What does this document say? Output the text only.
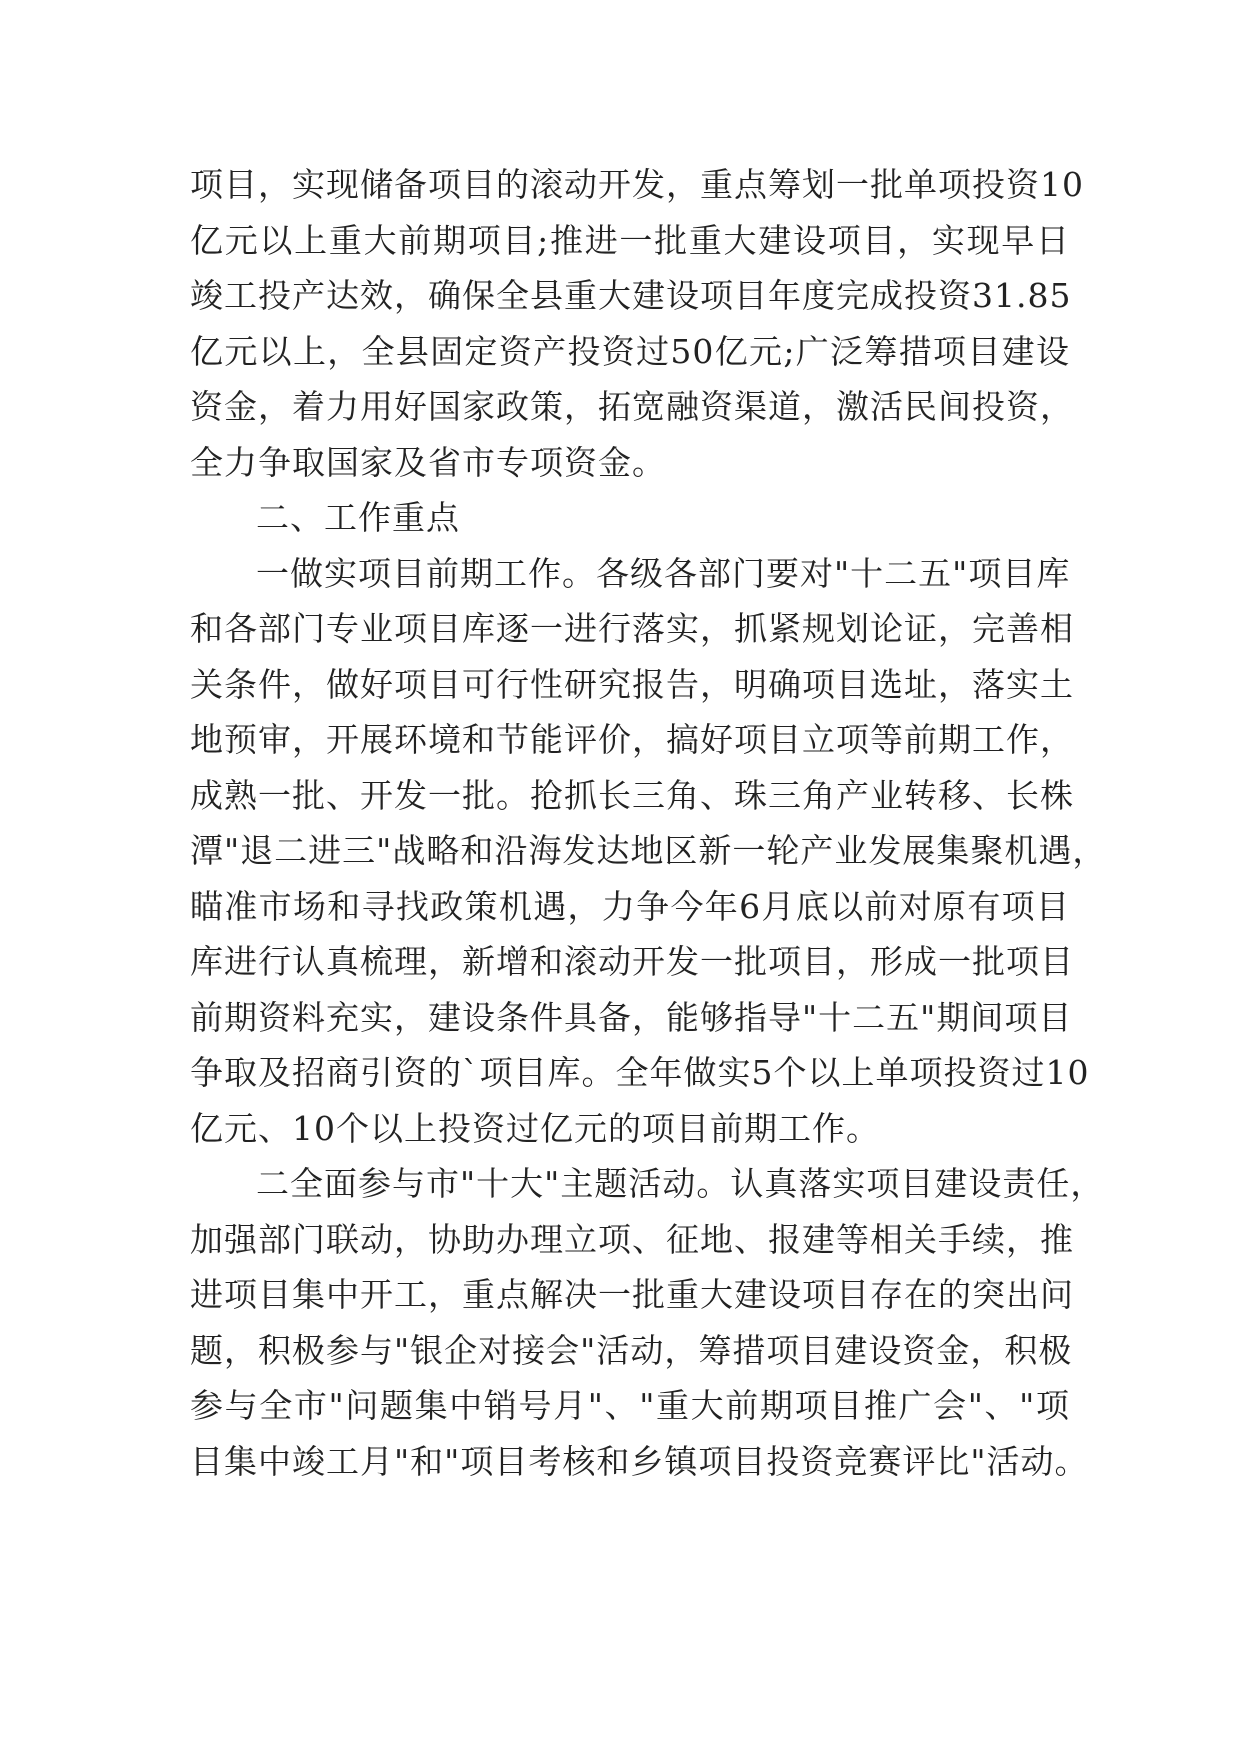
项目，实现储备项目的滚动开发，重点筹划一批单项投资10
亿元以上重大前期项目;推进一批重大建设项目，实现早日
竣工投产达效，确保全县重大建设项目年度完成投资31.85
亿元以上，全县固定资产投资过50亿元;广泛筹措项目建设
资金，着力用好国家政策，拓宽融资渠道，激活民间投资，
全力争取国家及省市专项资金。
二、工作重点
一做实项目前期工作。各级各部门要对"十二五"项目库
和各部门专业项目库逐一进行落实，抓紧规划论证，完善相
关条件，做好项目可行性研究报告，明确项目选址，落实土
地预审，开展环境和节能评价，搞好项目立项等前期工作，
成熟一批、开发一批。抢抓长三角、珠三角产业转移、长株
潭"退二进三"战略和沿海发达地区新一轮产业发展集聚机遇，
瞄准市场和寻找政策机遇，力争今年6月底以前对原有项目
库进行认真梳理，新增和滚动开发一批项目，形成一批项目
前期资料充实，建设条件具备，能够指导"十二五"期间项目
争取及招商引资的`项目库。全年做实5个以上单项投资过10
亿元、10个以上投资过亿元的项目前期工作。
二全面参与市"十大"主题活动。认真落实项目建设责任，
加强部门联动，协助办理立项、征地、报建等相关手续，推
进项目集中开工，重点解决一批重大建设项目存在的突出问
题，积极参与"银企对接会"活动，筹措项目建设资金，积极
参与全市"问题集中销号月"、"重大前期项目推广会"、"项
目集中竣工月"和"项目考核和乡镇项目投资竞赛评比"活动。
